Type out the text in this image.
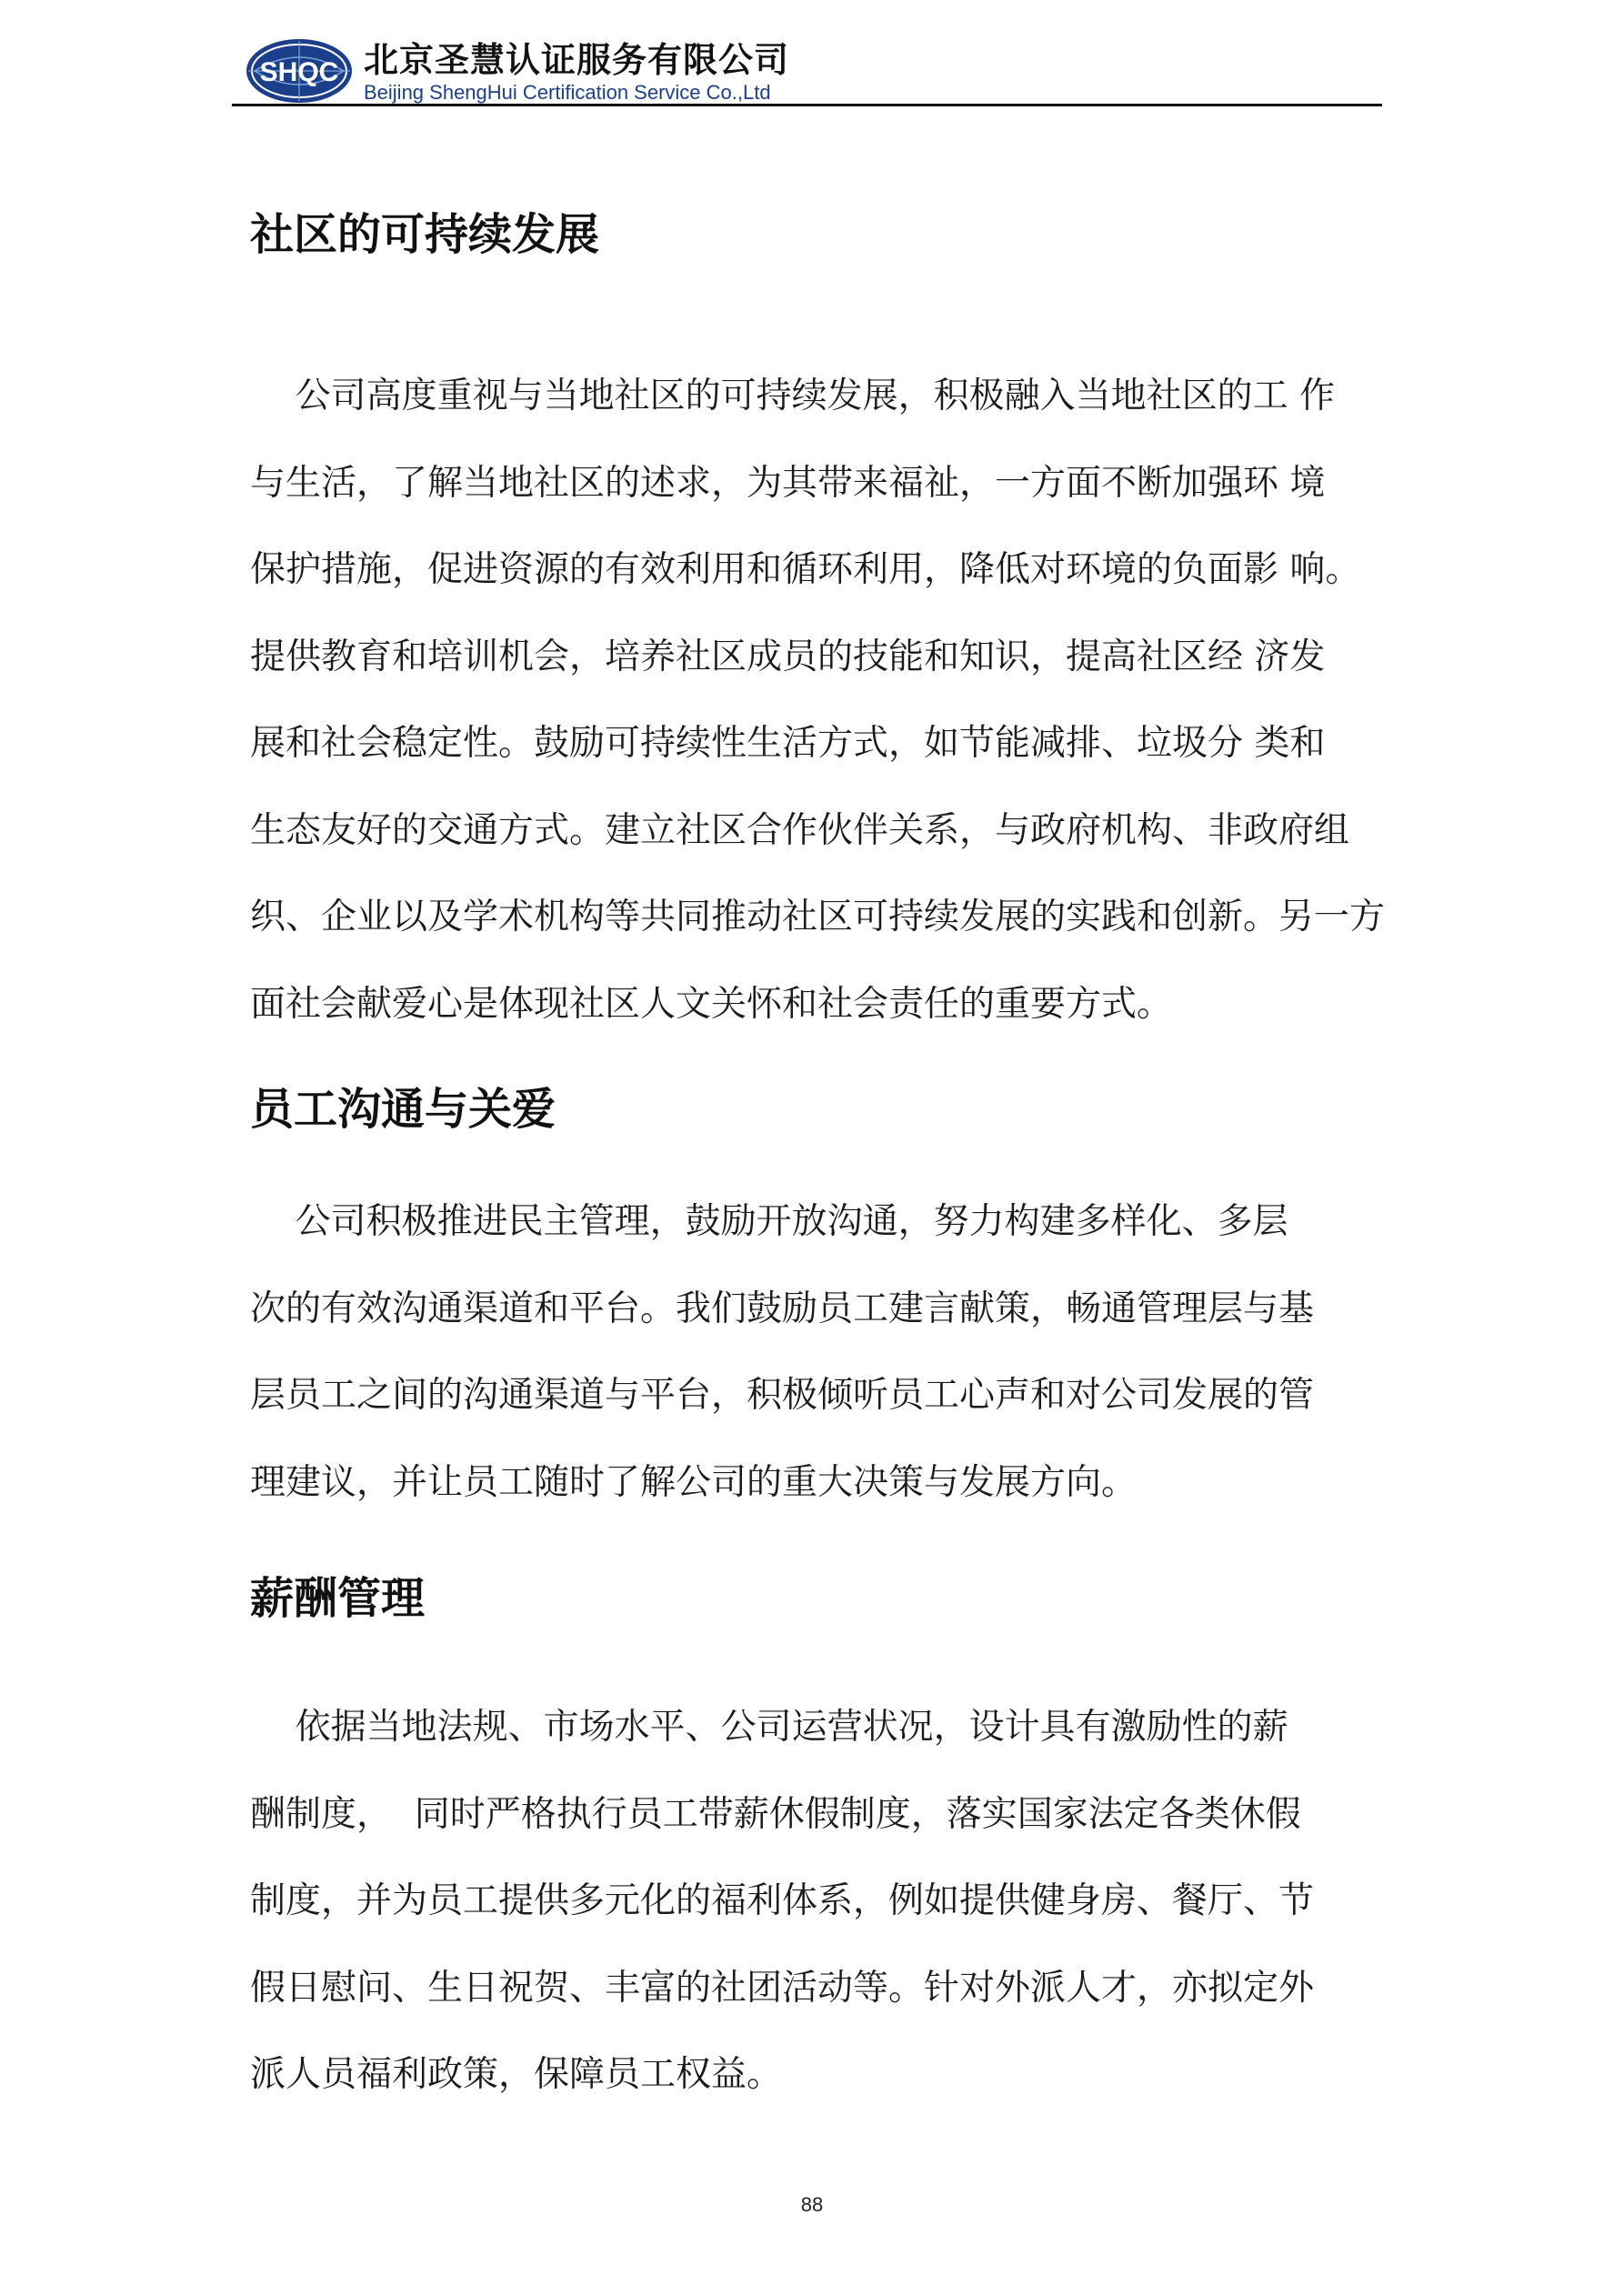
SHQC 北京圣慧认证服务有限公司
Beijing ShengHui Certification Service Co.,Ltd
社区的可持续发展
公司高度重视与当地社区的可持续发展，积极融入当地社区的工 作
与生活，了解当地社区的述求，为其带来福祉，一方面不断加强环 境
保护措施，促进资源的有效利用和循环利用，降低对环境的负面影 响。
提供教育和培训机会，培养社区成员的技能和知识，提高社区经 济发
展和社会稳定性。鼓励可持续性生活方式，如节能减排、垃圾分 类和
生态友好的交通方式。建立社区合作伙伴关系，与政府机构、非政府组
织、企业以及学术机构等共同推动社区可持续发展的实践和创新。另一方
面社会献爱心是体现社区人文关怀和社会责任的重要方式。
员工沟通与关爱
公司积极推进民主管理，鼓励开放沟通，努力构建多样化、多层
次的有效沟通渠道和平台。我们鼓励员工建言献策，畅通管理层与基
层员工之间的沟通渠道与平台，积极倾听员工心声和对公司发展的管
理建议，并让员工随时了解公司的重大决策与发展方向。
薪酬管理
依据当地法规、市场水平、公司运营状况，设计具有激励性的薪
酬制度，  同时严格执行员工带薪休假制度，落实国家法定各类休假
制度，并为员工提供多元化的福利体系，例如提供健身房、餐厅、节
假日慰问、生日祝贺、丰富的社团活动等。针对外派人才，亦拟定外
派人员福利政策，保障员工权益。
88
